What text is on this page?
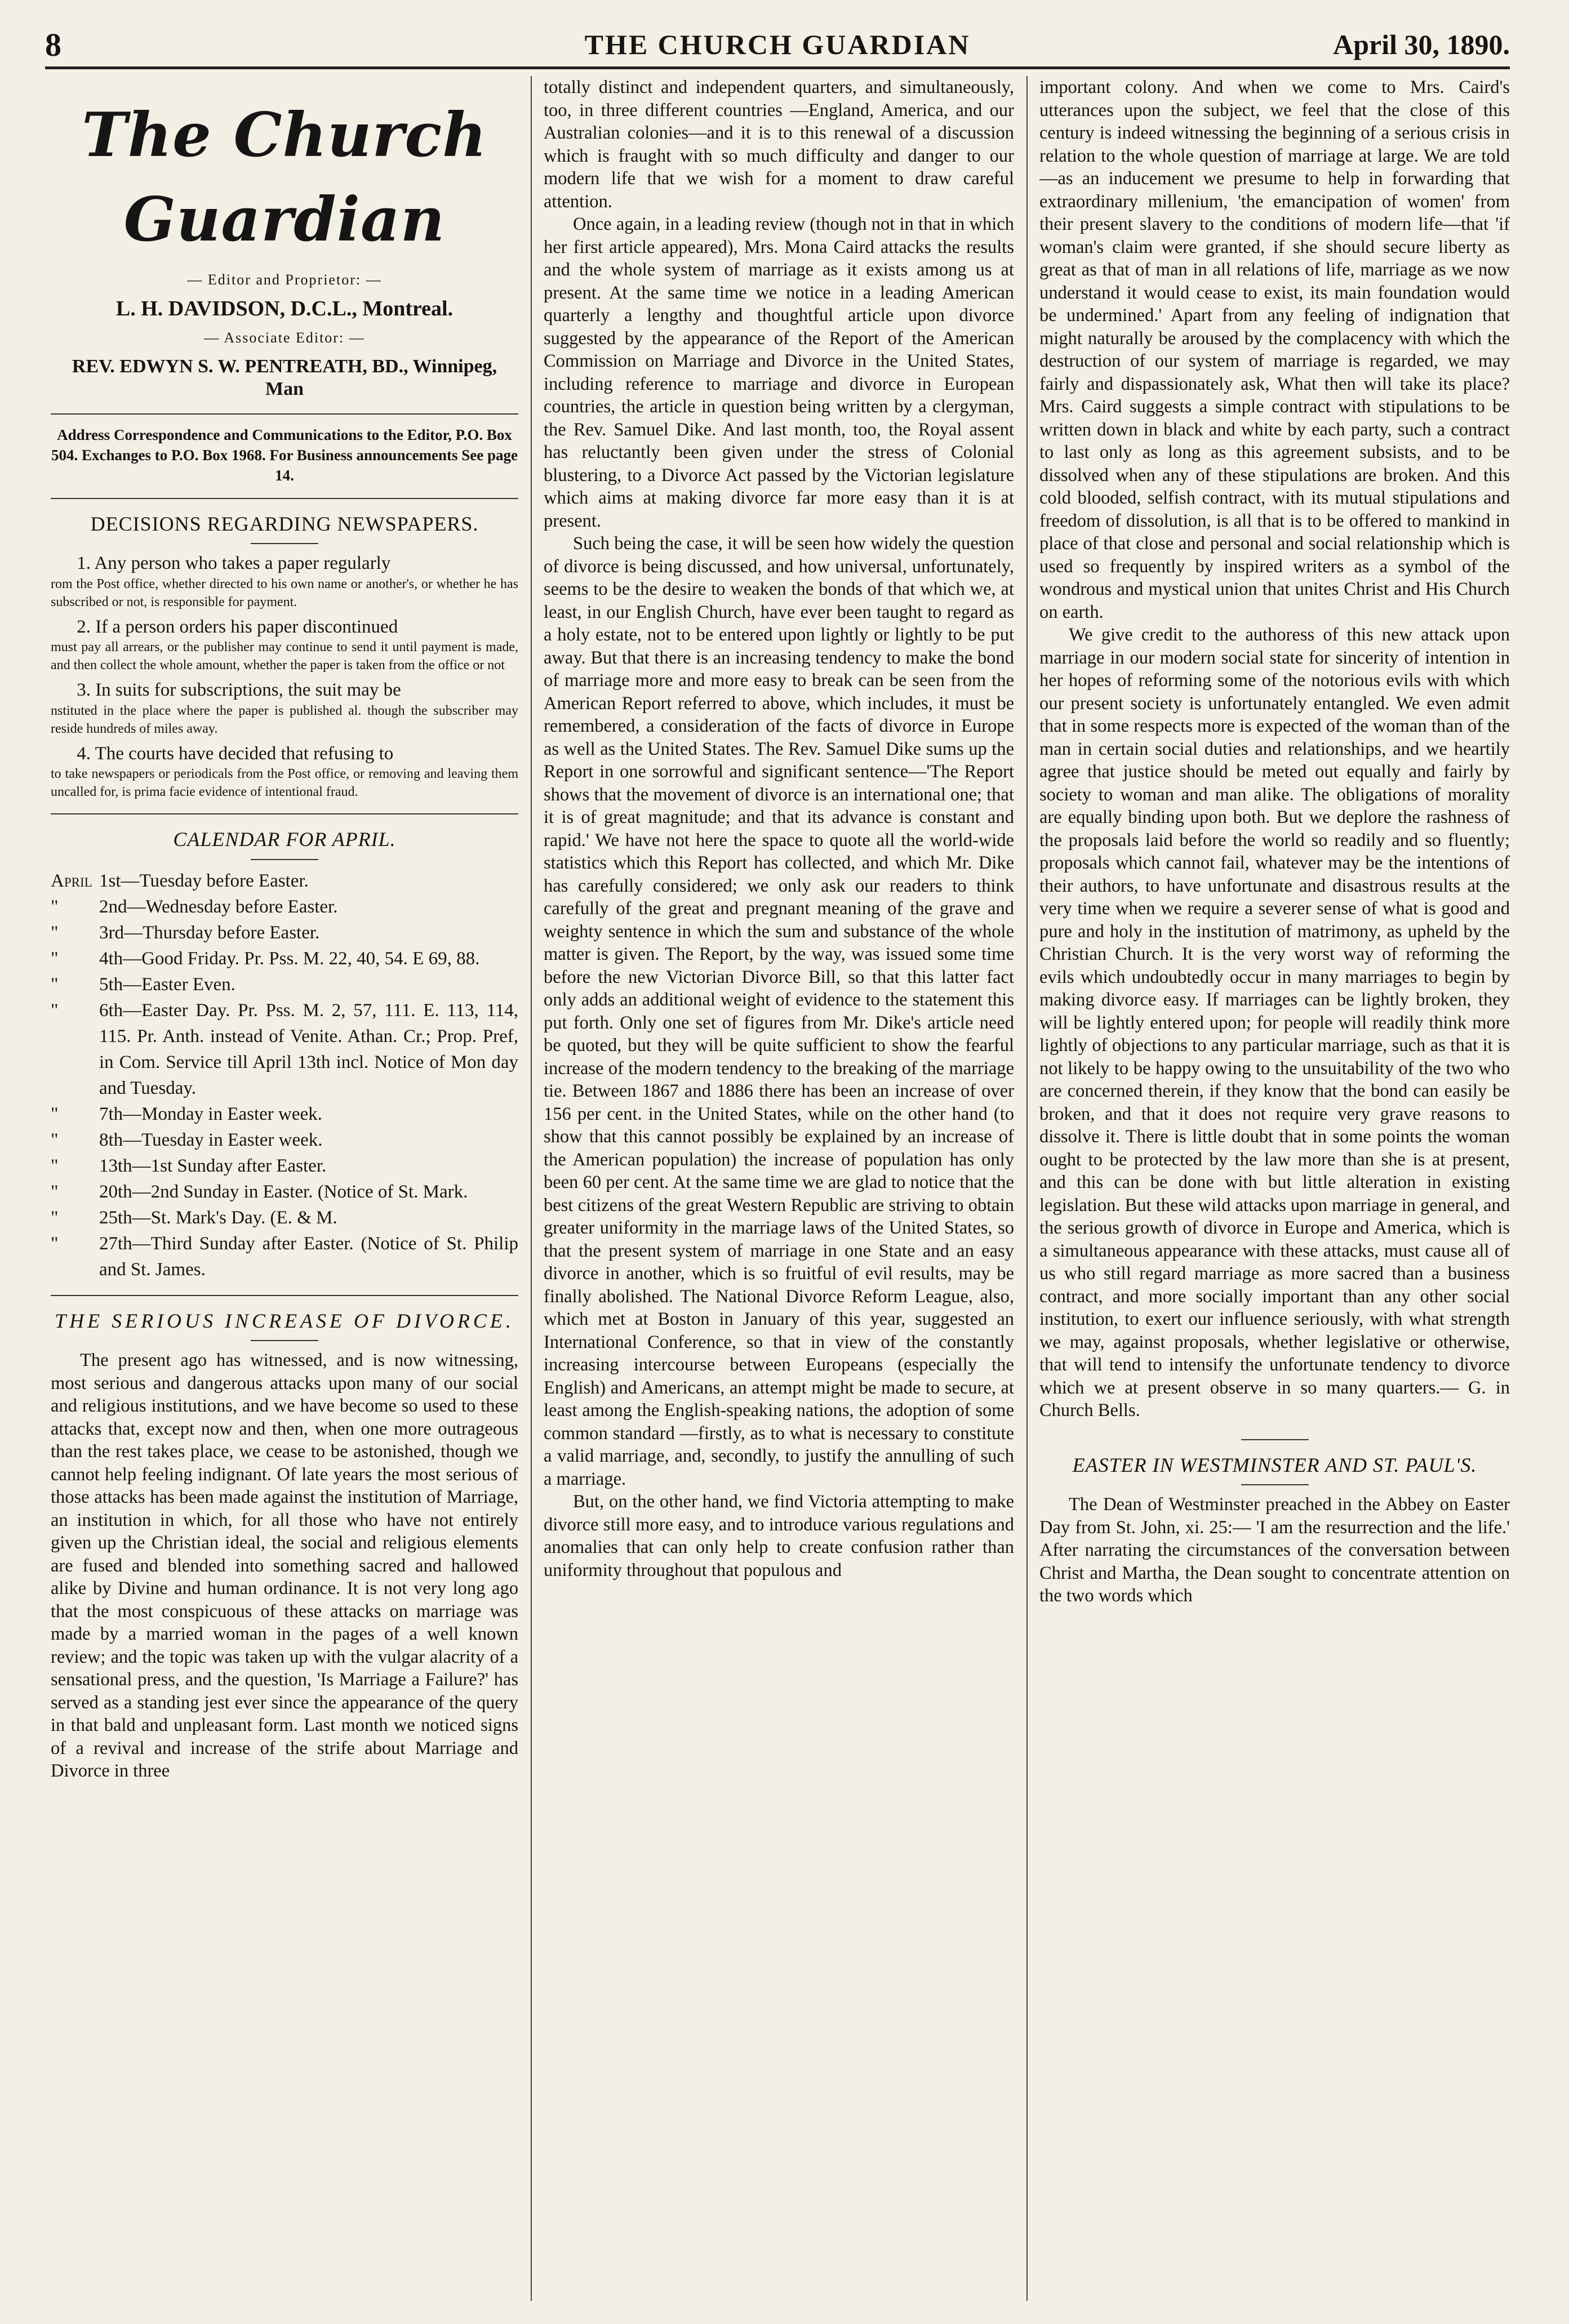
8	THE CHURCH GUARDIAN	April 30, 1890.
The Church Guardian
— Editor and Proprietor: —
L. H. DAVIDSON, D.C.L., Montreal.
— Associate Editor: —
REV. EDWYN S. W. PENTREATH, BD., Winnipeg, Man
Address Correspondence and Communications to the Editor, P.O. Box 504. Exchanges to P.O. Box 1968. For Business announcements See page 14.
DECISIONS REGARDING NEWSPAPERS.

1. Any person who takes a paper regularly

rom the Post office, whether directed to his own name or another's, or whether he has subscribed or not, is responsible for payment.

2. If a person orders his paper discontinued

must pay all arrears, or the publisher may continue to send it until payment is made, and then collect the whole amount, whether the paper is taken from the office or not

3. In suits for subscriptions, the suit may be

nstituted in the place where the paper is published al. though the subscriber may reside hundreds of miles away.

4. The courts have decided that refusing to

to take newspapers or periodicals from the Post office, or removing and leaving them uncalled for, is prima facie evidence of intentional fraud.

CALENDAR FOR APRIL.
April 1st—Tuesday before Easter.
"	2nd—Wednesday before Easter.
"	3rd—Thursday before Easter.
"	4th—Good Friday. Pr. Pss. M. 22, 40, 54. E 69, 88.
"	5th—Easter Even.
"	6th—Easter Day. Pr. Pss. M. 2, 57, 111. E. 113, 114, 115. Pr. Anth. instead of Venite. Athan. Cr.; Prop. Pref, in Com. Service till April 13th incl. Notice of Mon day and Tuesday.
"	7th—Monday in Easter week.
"	8th—Tuesday in Easter week.
"	13th—1st Sunday after Easter.
"	20th—2nd Sunday in Easter. (Notice of St. Mark.
"	25th—St. Mark's Day. (E. & M.
"	27th—Third Sunday after Easter. (Notice of St. Philip and St. James.
THE SERIOUS INCREASE OF DIVORCE.

The present ago has witnessed, and is now witnessing, most serious and dangerous attacks upon many of our social and religious institutions, and we have become so used to these attacks that, except now and then, when one more outrageous than the rest takes place, we cease to be astonished, though we cannot help feeling indignant. Of late years the most serious of those attacks has been made against the institution of Marriage, an institution in which, for all those who have not entirely given up the Christian ideal, the social and religious elements are fused and blended into something sacred and hallowed alike by Divine and human ordinance. It is not very long ago that the most conspicuous of these attacks on marriage was made by a married woman in the pages of a well known review; and the topic was taken up with the vulgar alacrity of a sensational press, and the question, 'Is Marriage a Failure?' has served as a standing jest ever since the appearance of the query in that bald and unpleasant form. Last month we noticed signs of a revival and increase of the strife about Marriage and Divorce in three

totally distinct and independent quarters, and simultaneously, too, in three different countries —England, America, and our Australian colonies—and it is to this renewal of a discussion which is fraught with so much difficulty and danger to our modern life that we wish for a moment to draw careful attention.

Once again, in a leading review (though not in that in which her first article appeared), Mrs. Mona Caird attacks the results and the whole system of marriage as it exists among us at present. At the same time we notice in a leading American quarterly a lengthy and thoughtful article upon divorce suggested by the appearance of the Report of the American Commission on Marriage and Divorce in the United States, including reference to marriage and divorce in European countries, the article in question being written by a clergyman, the Rev. Samuel Dike. And last month, too, the Royal assent has reluctantly been given under the stress of Colonial blustering, to a Divorce Act passed by the Victorian legislature which aims at making divorce far more easy than it is at present.

Such being the case, it will be seen how widely the question of divorce is being discussed, and how universal, unfortunately, seems to be the desire to weaken the bonds of that which we, at least, in our English Church, have ever been taught to regard as a holy estate, not to be entered upon lightly or lightly to be put away. But that there is an increasing tendency to make the bond of marriage more and more easy to break can be seen from the American Report referred to above, which includes, it must be remembered, a consideration of the facts of divorce in Europe as well as the United States. The Rev. Samuel Dike sums up the Report in one sorrowful and significant sentence—'The Report shows that the movement of divorce is an international one; that it is of great magnitude; and that its advance is constant and rapid.' We have not here the space to quote all the world-wide statistics which this Report has collected, and which Mr. Dike has carefully considered; we only ask our readers to think carefully of the great and pregnant meaning of the grave and weighty sentence in which the sum and substance of the whole matter is given. The Report, by the way, was issued some time before the new Victorian Divorce Bill, so that this latter fact only adds an additional weight of evidence to the statement this put forth. Only one set of figures from Mr. Dike's article need be quoted, but they will be quite sufficient to show the fearful increase of the modern tendency to the breaking of the marriage tie. Between 1867 and 1886 there has been an increase of over 156 per cent. in the United States, while on the other hand (to show that this cannot possibly be explained by an increase of the American population) the increase of population has only been 60 per cent. At the same time we are glad to notice that the best citizens of the great Western Republic are striving to obtain greater uniformity in the marriage laws of the United States, so that the present system of marriage in one State and an easy divorce in another, which is so fruitful of evil results, may be finally abolished. The National Divorce Reform League, also, which met at Boston in January of this year, suggested an International Conference, so that in view of the constantly increasing intercourse between Europeans (especially the English) and Americans, an attempt might be made to secure, at least among the English-speaking nations, the adoption of some common standard —firstly, as to what is necessary to constitute a valid marriage, and, secondly, to justify the annulling of such a marriage.

But, on the other hand, we find Victoria attempting to make divorce still more easy, and to introduce various regulations and anomalies that can only help to create confusion rather than uniformity throughout that populous and

important colony. And when we come to Mrs. Caird's utterances upon the subject, we feel that the close of this century is indeed witnessing the beginning of a serious crisis in relation to the whole question of marriage at large. We are told—as an inducement we presume to help in forwarding that extraordinary millenium, 'the emancipation of women' from their present slavery to the conditions of modern life—that 'if woman's claim were granted, if she should secure liberty as great as that of man in all relations of life, marriage as we now understand it would cease to exist, its main foundation would be undermined.' Apart from any feeling of indignation that might naturally be aroused by the complacency with which the destruction of our system of marriage is regarded, we may fairly and dispassionately ask, What then will take its place? Mrs. Caird suggests a simple contract with stipulations to be written down in black and white by each party, such a contract to last only as long as this agreement subsists, and to be dissolved when any of these stipulations are broken. And this cold blooded, selfish contract, with its mutual stipulations and freedom of dissolution, is all that is to be offered to mankind in place of that close and personal and social relationship which is used so frequently by inspired writers as a symbol of the wondrous and mystical union that unites Christ and His Church on earth.

We give credit to the authoress of this new attack upon marriage in our modern social state for sincerity of intention in her hopes of reforming some of the notorious evils with which our present society is unfortunately entangled. We even admit that in some respects more is expected of the woman than of the man in certain social duties and relationships, and we heartily agree that justice should be meted out equally and fairly by society to woman and man alike. The obligations of morality are equally binding upon both. But we deplore the rashness of the proposals laid before the world so readily and so fluently; proposals which cannot fail, whatever may be the intentions of their authors, to have unfortunate and disastrous results at the very time when we require a severer sense of what is good and pure and holy in the institution of matrimony, as upheld by the Christian Church. It is the very worst way of reforming the evils which undoubtedly occur in many marriages to begin by making divorce easy. If marriages can be lightly broken, they will be lightly entered upon; for people will readily think more lightly of objections to any particular marriage, such as that it is not likely to be happy owing to the unsuitability of the two who are concerned therein, if they know that the bond can easily be broken, and that it does not require very grave reasons to dissolve it. There is little doubt that in some points the woman ought to be protected by the law more than she is at present, and this can be done with but little alteration in existing legislation. But these wild attacks upon marriage in general, and the serious growth of divorce in Europe and America, which is a simultaneous appearance with these attacks, must cause all of us who still regard marriage as more sacred than a business contract, and more socially important than any other social institution, to exert our influence seriously, with what strength we may, against proposals, whether legislative or otherwise, that will tend to intensify the unfortunate tendency to divorce which we at present observe in so many quarters.— G. in Church Bells.

EASTER IN WESTMINSTER AND ST. PAUL'S.

The Dean of Westminster preached in the Abbey on Easter Day from St. John, xi. 25:— 'I am the resurrection and the life.' After narrating the circumstances of the conversation between Christ and Martha, the Dean sought to concentrate attention on the two words which
